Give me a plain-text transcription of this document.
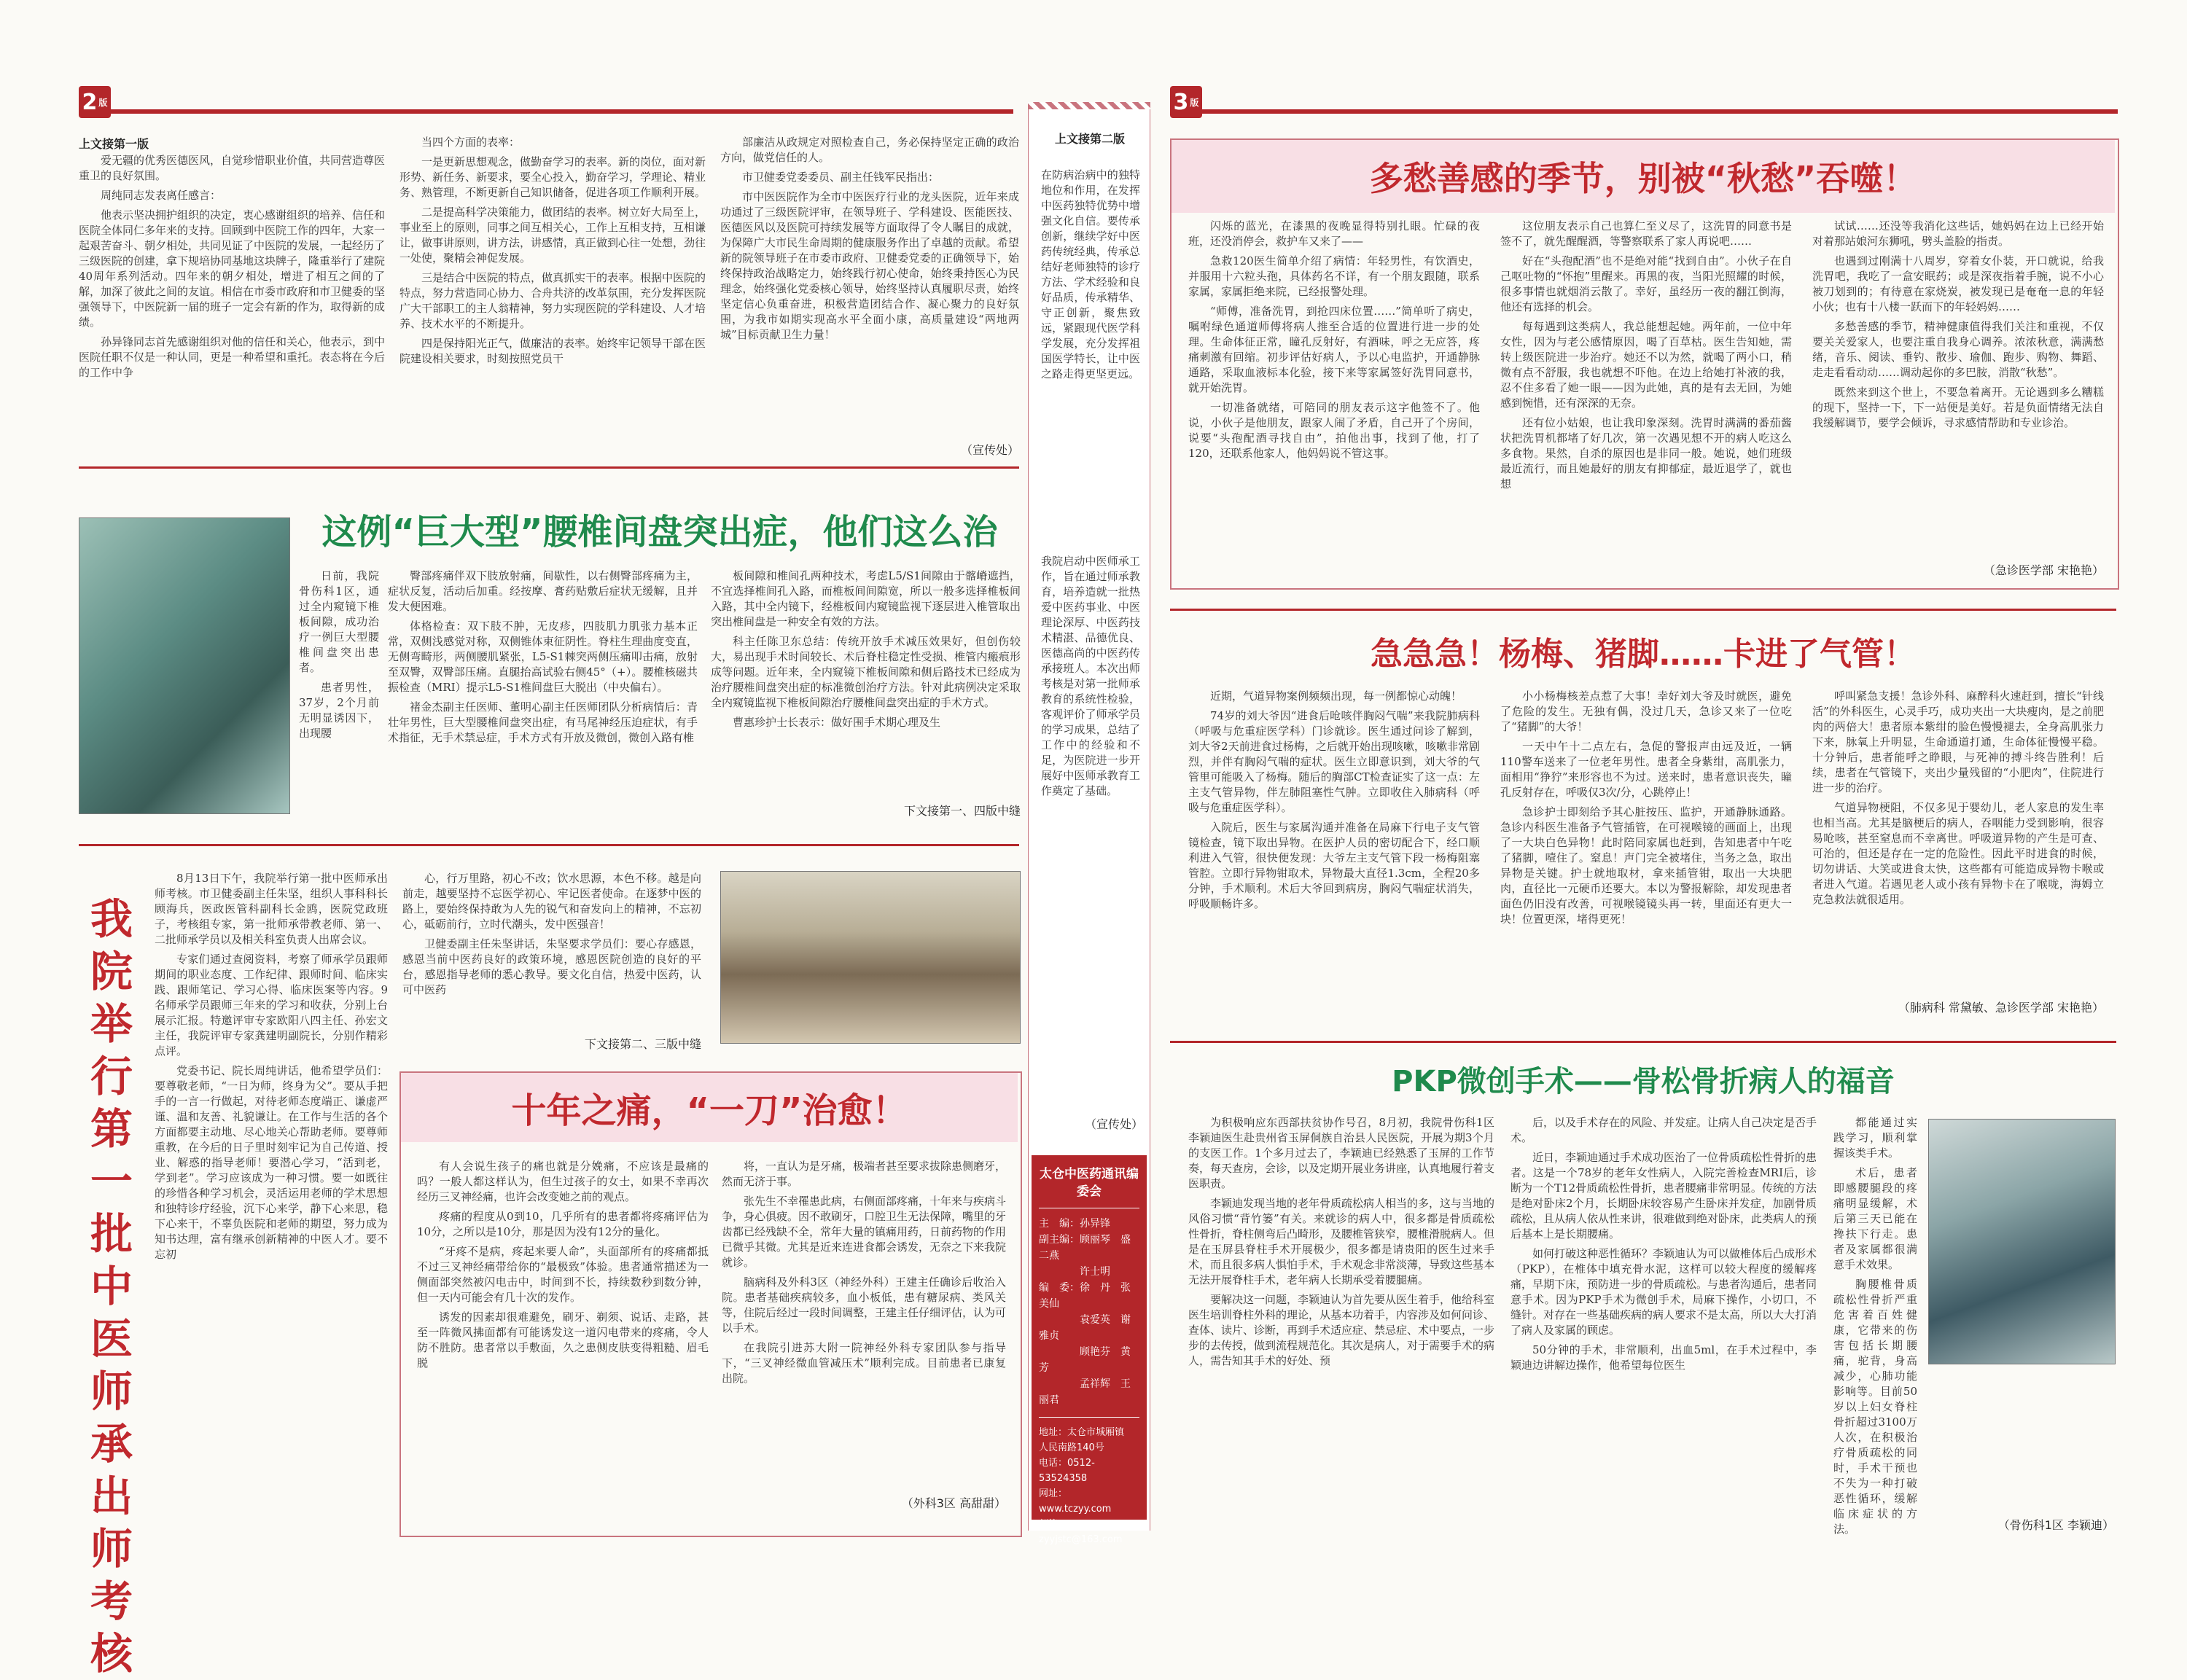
2 版
上文接第一版

爱无疆的优秀医德医风，自觉珍惜职业价值，共同营造尊医重卫的良好氛围。

周纯同志发表离任感言：

他表示坚决拥护组织的决定，衷心感谢组织的培养、信任和医院全体同仁多年来的支持。回顾到中医院工作的四年，大家一起艰苦奋斗、朝夕相处，共同见证了中医院的发展，一起经历了三级医院的创建，拿下规培协同基地这块牌子，隆重举行了建院40周年系列活动。四年来的朝夕相处，增进了相互之间的了解，加深了彼此之间的友谊。相信在市委市政府和市卫健委的坚强领导下，中医院新一届的班子一定会有新的作为，取得新的成绩。

孙异锋同志首先感谢组织对他的信任和关心，他表示，到中医院任职不仅是一种认同，更是一种希望和重托。表态将在今后的工作中争

当四个方面的表率：

一是更新思想观念，做勤奋学习的表率。新的岗位，面对新形势、新任务、新要求，要全心投入，勤奋学习，学理论、精业务、熟管理，不断更新自己知识储备，促进各项工作顺利开展。

二是提高科学决策能力，做团结的表率。树立好大局至上，事业至上的原则，同事之间互相关心，工作上互相支持，互相谦让，做事讲原则，讲方法，讲感情，真正做到心往一处想，劲往一处使，聚精会神促发展。

三是结合中医院的特点，做真抓实干的表率。根据中医院的特点，努力营造同心协力、合舟共济的改革氛围，充分发挥医院广大干部职工的主人翁精神，努力实现医院的学科建设、人才培养、技术水平的不断提升。

四是保持阳光正气，做廉洁的表率。始终牢记领导干部在医院建设相关要求，时刻按照党员干

部廉洁从政规定对照检查自己，务必保持坚定正确的政治方向，做党信任的人。

市卫健委党委委员、副主任钱军民指出：

市中医医院作为全市中医医疗行业的龙头医院，近年来成功通过了三级医院评审，在领导班子、学科建设、医能医技、医德医风以及医院可持续发展等方面取得了令人瞩目的成就，为保障广大市民生命周期的健康服务作出了卓越的贡献。希望新的院领导班子在市委市政府、卫健委党委的正确领导下，始终保持政治战略定力，始终践行初心使命，始终秉持医心为民理念，始终强化党委核心领导，始终坚持认真履职尽责，始终坚定信心负重奋进，积极营造团结合作、凝心聚力的良好氛围，为我市如期实现高水平全面小康，高质量建设“两地两城”目标贡献卫生力量！

（宣传处）
这例“巨大型”腰椎间盘突出症，他们这么治

日前，我院骨伤科1区，通过全内窥镜下椎板间隙，成功治疗一例巨大型腰椎间盘突出患者。

患者男性，37岁，2个月前无明显诱因下，出现腰

臀部疼痛伴双下肢放射痛，间歇性，以右侧臀部疼痛为主，症状反复，活动后加重。经按摩、膏药贴敷后症状无缓解，且并发大便困难。

体格检查：双下肢不肿，无皮疹，四肢肌力肌张力基本正常，双侧浅感觉对称，双侧锥体束征阴性。脊柱生理曲度变直，无侧弯畸形，两侧腰肌紧张，L5-S1棘突两侧压痛叩击痛，放射至双臀，双臀部压痛。直腿抬高试验右侧45°（+）。腰椎核磁共振检查（MRI）提示L5-S1椎间盘巨大脱出（中央偏右）。

褚金杰副主任医师、董明心副主任医师团队分析病情后：青壮年男性，巨大型腰椎间盘突出症，有马尾神经压迫症状，有手术指征，无手术禁忌症，手术方式有开放及微创，微创入路有椎

板间隙和椎间孔两种技术，考虑L5/S1间隙由于髂嵴遮挡，不宜选择椎间孔入路，而椎板间间隙宽，所以一般多选择椎板间入路，其中全内镜下，经椎板间内窥镜监视下逐层进入椎管取出突出椎间盘是一种安全有效的方法。

科主任陈卫东总结：传统开放手术减压效果好，但创伤较大，易出现手术时间较长、术后脊柱稳定性受损、椎管内瘢痕形成等问题。近年来，全内窥镜下椎板间隙和侧后路技术已经成为治疗腰椎间盘突出症的标准微创治疗方法。针对此病例决定采取全内窥镜监视下椎板间隙治疗腰椎间盘突出症的手术方式。

曹惠珍护士长表示：做好围手术期心理及生

下文接第一、四版中缝
我院举行第一批中医师承出师考核

8月13日下午，我院举行第一批中医师承出师考核。市卫健委副主任朱坚，组织人事科科长顾海兵，医政医管科副科长金鸥，医院党政班子，考核组专家，第一批师承带教老师、第一、二批师承学员以及相关科室负责人出席会议。

专家们通过查阅资料，考察了师承学员跟师期间的职业态度、工作纪律、跟师时间、临床实践、跟师笔记、学习心得、临床医案等内容。9名师承学员跟师三年来的学习和收获，分别上台展示汇报。特邀评审专家欧阳八四主任、孙宏文主任，我院评审专家龚建明副院长，分别作精彩点评。

党委书记、院长周纯讲话，他希望学员们：要尊敬老师，“一日为师，终身为父”。要从手把手的一言一行做起，对待老师态度端正、谦虚严谨、温和友善、礼貌谦让。在工作与生活的各个方面都要主动地、尽心地关心帮助老师。要尊师重教，在今后的日子里时刻牢记为自己传道、授业、解惑的指导老师！要潜心学习，“活到老，学到老”。学习应该成为一种习惯。要一如既往的珍惜各种学习机会，灵活运用老师的学术思想和独特诊疗经验，沉下心来学，静下心来思，稳下心来干，不辜负医院和老师的期望，努力成为知书达理，富有继承创新精神的中医人才。要不忘初

心，行万里路，初心不改；饮水思源，本色不移。越是向前走，越要坚持不忘医学初心、牢记医者使命。在逐梦中医的路上，要始终保持敢为人先的锐气和奋发向上的精神，不忘初心，砥砺前行，立时代潮头，发中医强音！

卫健委副主任朱坚讲话，朱坚要求学员们：要心存感恩，感恩当前中医药良好的政策环境，感恩医院创造的良好的平台，感恩指导老师的悉心教导。要文化自信，热爱中医药，认可中医药

下文接第二、三版中缝
十年之痛，“一刀”治愈！

有人会说生孩子的痛也就是分娩痛，不应该是最痛的吗？一般人都这样认为，但生过孩子的女士，如果不幸再次经历三叉神经痛，也许会改变她之前的观点。

疼痛的程度从0到10，几乎所有的患者都将疼痛评估为10分，之所以是10分，那是因为没有12分的量化。

“牙疼不是病，疼起来要人命”，头面部所有的疼痛都抵不过三叉神经痛带给你的“最极致”体验。患者通常描述为一侧面部突然被闪电击中，时间到不长，持续数秒到数分钟，但一天内可能会有几十次的发作。

诱发的因素却很难避免，刷牙、剃须、说话、走路，甚至一阵微风拂面都有可能诱发这一道闪电带来的疼痛，令人防不胜防。患者常以手敷面，久之患侧皮肤变得粗糙、眉毛脱

将，一直认为是牙痛，极端者甚至要求拔除患侧磨牙，然而无济于事。

张先生不幸罹患此病，右侧面部疼痛，十年来与疾病斗争，身心俱疲。因不敢刷牙，口腔卫生无法保障，嘴里的牙齿都已经残缺不全，常年大量的镇痛用药，日前药物的作用已微乎其微。尤其是近来连进食都会诱发，无奈之下来我院就诊。

脑病科及外科3区（神经外科）王建主任确诊后收治入院。患者基础疾病较多，血小板低，患有糖尿病、类风关等，住院后经过一段时间调整，王建主任仔细评估，认为可以手术。

在我院引进苏大附一院神经外科专家团队参与指导下，“三叉神经微血管减压术”顺利完成。目前患者已康复出院。

（外科3区 高甜甜）
上文接第二版
在防病治病中的独特地位和作用，在发挥中医药独特优势中增强文化自信。要传承创新，继续学好中医药传统经典，传承总结好老师独特的诊疗方法、学术经验和良好品质，传承精华、守正创新，聚焦致远，紧跟现代医学科学发展，充分发挥祖国医学特长，让中医之路走得更坚更远。
我院启动中医师承工作，旨在通过师承教育，培养造就一批热爱中医药事业、中医理论深厚、中医药技术精湛、品德优良、医德高尚的中医药传承接班人。本次出师考核是对第一批师承教育的系统性检验，客观评价了师承学员的学习成果，总结了工作中的经验和不足，为医院进一步开展好中医师承教育工作奠定了基础。
（宣传处）
太仓中医药通讯编委会
主　编：孙异锋
副主编：顾丽琴　盛二燕
　　　　许士明
编　委：徐　丹　张美仙
　　　　袁爱英　谢雅贞
　　　　顾艳芬　黄　芳
　　　　孟祥辉　王丽君
地址：太仓市城厢镇
人民南路140号
电话：0512-53524358
网址：www.tczyy.com
邮箱：zyyjstc@163.com
3 版
多愁善感的季节，别被“秋愁”吞噬！

闪烁的蓝光，在漆黑的夜晚显得特别扎眼。忙碌的夜班，还没消停会，救护车又来了——

急救120医生简单介绍了病情：年轻男性，有饮酒史，并服用十六粒头孢，具体药名不详，有一个朋友跟随，联系家属，家属拒绝来院，已经报警处理。

“师傅，准备洗胃，到抢四床位置……”简单听了病史，嘱咐绿色通道师傅将病人推至合适的位置进行进一步的处理。生命体征正常，瞳孔反射好，有酒味，呼之无应答，疼痛刺激有回缩。初步评估好病人，予以心电监护，开通静脉通路，采取血液标本化验，接下来等家属签好洗胃同意书，就开始洗胃。

一切准备就绪，可陪同的朋友表示这字他签不了。他说，小伙子是他朋友，跟家人闹了矛盾，自己开了个房间，说要“头孢配酒寻找自由”，拍他出事，找到了他，打了120，还联系他家人，他妈妈说不管这事。

这位朋友表示自己也算仁至义尽了，这洗胃的同意书是签不了，就先醒醒酒，等警察联系了家人再说吧……

好在“头孢配酒”也不是绝对能“找到自由”。小伙子在自己呕吐物的“怀抱”里醒来。再黑的夜，当阳光照耀的时候，很多事情也就烟消云散了。幸好，虽经历一夜的翻江倒海，他还有选择的机会。

每每遇到这类病人，我总能想起她。两年前，一位中年女性，因为与老公感情原因，喝了百草枯。医生告知她，需转上级医院进一步治疗。她还不以为然，就喝了两小口，稍微有点不舒服，我也就想不吓他。在边上给她打补液的我，忍不住多看了她一眼——因为此她，真的是有去无回，为她感到惋惜，还有深深的无奈。

还有位小姑娘，也让我印象深刻。洗胃时满满的番茄酱状把洗胃机都堵了好几次，第一次遇见想不开的病人吃这么多食物。果然，自杀的原因也是非同一般。她说，她们班级最近流行，而且她最好的朋友有抑郁症，最近退学了，就也想

试试……还没等我消化这些话，她妈妈在边上已经开始对着那站娘河东狮吼，劈头盖脸的指责。

也遇到过刚满十八周岁，穿着女仆装，开口就说，给我洗胃吧，我吃了一盒安眠药；或是深夜指着手腕，说不小心被刀划到的；有待意在家烧炭，被发现已是奄奄一息的年轻小伙；也有十八楼一跃而下的年轻妈妈……

多愁善感的季节，精神健康值得我们关注和重视，不仅要关关爱家人，也要注重自我身心调养。浓浓秋意，满满愁绪，音乐、阅读、垂钓、散步、瑜伽、跑步、购物、舞蹈、走走看看动动……调动起你的多巴胺，消散“秋愁”。

既然来到这个世上，不要急着离开。无论遇到多么糟糕的现下，坚持一下，下一站便是美好。若是负面情绪无法自我缓解调节，要学会倾诉，寻求感情帮助和专业诊治。

（急诊医学部 宋艳艳）
急急急！杨梅、猪脚……卡进了气管！

近期，气道异物案例频频出现，每一例都惊心动魄！

74岁的刘大爷因“进食后呛咳伴胸闷气喘”来我院肺病科（呼吸与危重症医学科）门诊就诊。医生通过问诊了解到，刘大爷2天前进食过杨梅，之后就开始出现咳嗽，咳嗽非常剧烈，并伴有胸闷气喘的症状。医生立即意识到，刘大爷的气管里可能吸入了杨梅。随后的胸部CT检查证实了这一点：左主支气管异物，伴左肺阻塞性气肿。立即收住入肺病科（呼吸与危重症医学科）。

入院后，医生与家属沟通并准备在局麻下行电子支气管镜检查，镜下取出异物。在医护人员的密切配合下，经口顺利进入气管，很快便发现：大爷左主支气管下段一杨梅阻塞管腔。立即行异物钳取术，异物最大直径1.3cm，全程20多分钟，手术顺利。术后大爷回到病房，胸闷气喘症状消失，呼吸顺畅许多。

小小杨梅核差点惹了大事！幸好刘大爷及时就医，避免了危险的发生。无独有偶，没过几天，急诊又来了一位吃了“猪脚”的大爷！

一天中午十二点左右，急促的警报声由远及近，一辆110警车送来了一位老年男性。患者全身紫绀，高肌张力，面相用“狰狞”来形容也不为过。送来时，患者意识丧失，瞳孔反射存在，呼吸仅3次/分，心跳停止！

急诊护士即刻给予其心脏按压、监护，开通静脉通路。急诊内科医生准备予气管插管，在可视喉镜的画面上，出现了一大块白色异物！此时陪同家属也赶到，告知患者中午吃了猪脚，噎住了。窒息！声门完全被堵住，当务之急，取出异物是关键。护士就地取材，拿来插管钳，取出一大块肥肉，直径比一元硬币还要大。本以为警报解除，却发现患者面色仍旧没有改善，可视喉镜镜头再一转，里面还有更大一块！位置更深，堵得更死！

呼叫紧急支援！急诊外科、麻醉科火速赶到，擅长“针线活”的外科医生，心灵手巧，成功夹出一大块瘦肉，是之前肥肉的两倍大！患者原本紫绀的脸色慢慢褪去，全身高肌张力下来，脉氧上升明显，生命通道打通，生命体征慢慢平稳。十分钟后，患者能呼之睁眼，与死神的搏斗终告胜利！后续，患者在气管镜下，夹出少量残留的“小肥肉”，住院进行进一步的治疗。

气道异物梗阻，不仅多见于婴幼儿，老人家息的发生率也相当高。尤其是脑梗后的病人，吞咽能力受到影响，很容易呛咳，甚至窒息而不幸离世。呼吸道异物的产生是可查、可治的，但还是存在一定的危险性。因此平时进食的时候，切勿讲话、大笑或进食太快，这些都有可能造成异物卡喉或者进入气道。若遇见老人或小孩有异物卡在了喉咙，海姆立克急救法就很适用。

（肺病科 常黛敏、急诊医学部 宋艳艳）
PKP微创手术——骨松骨折病人的福音

为积极响应东西部扶贫协作号召，8月初，我院骨伤科1区李颖迪医生赴贵州省玉屏侗族自治县人民医院，开展为期3个月的支医工作。1个多月过去了，李颖迪已经熟悉了玉屏的工作节奏，每天查房，会诊，以及定期开展业务讲座，认真地履行着支医职责。

李颖迪发现当地的老年骨质疏松病人相当的多，这与当地的风俗习惯“背竹篓”有关。来就诊的病人中，很多都是骨质疏松性骨折，脊柱侧弯后凸畸形，及腰椎管狭窄，腰椎滑脱病人。但是在玉屏县脊柱手术开展极少，很多都是请贵阳的医生过来手术，而且很多病人惧怕手术，手术观念非常淡薄，导致这些基本无法开展脊柱手术，老年病人长期承受着腰腿痛。

要解决这一问题，李颖迪认为首先要从医生着手，他给科室医生培训脊柱外科的理论，从基本功着手，内容涉及如何问诊、查体、读片、诊断，再到手术适应症、禁忌症、术中要点，一步步的去传授，做到流程规范化。其次是病人，对于需要手术的病人，需告知其手术的好处、预

后，以及手术存在的风险、并发症。让病人自己决定是否手术。

近日，李颖迪通过手术成功医治了一位骨质疏松性骨折的患者。这是一个78岁的老年女性病人，入院完善检查MRI后，诊断为一个T12骨质疏松性骨折，患者腰痛非常明显。传统的方法是绝对卧床2个月，长期卧床较容易产生卧床并发症，加剧骨质疏松，且从病人依从性来讲，很难做到绝对卧床，此类病人的预后基本上是长期腰痛。

如何打破这种恶性循环？李颖迪认为可以做椎体后凸成形术（PKP），在椎体中填充骨水泥，这样可以较大程度的缓解疼痛，早期下床，预防进一步的骨质疏松。与患者沟通后，患者同意手术。因为PKP手术为微创手术，局麻下操作，小切口，不缝针。对存在一些基础疾病的病人要求不是太高，所以大大打消了病人及家属的顾虑。

50分钟的手术，非常顺利，出血5ml，在手术过程中，李颖迪边讲解边操作，他希望每位医生

都能通过实践学习，顺利掌握该类手术。

术后，患者即感腰腿段的疼痛明显缓解，术后第三天已能在搀扶下行走。患者及家属都很满意手术效果。

胸腰椎骨质疏松性骨折严重危害着百姓健康，它带来的伤害包括长期腰痛，驼背，身高减少，心肺功能影响等。目前50岁以上妇女脊柱骨折超过3100万人次，在积极治疗骨质疏松的同时，手术干预也不失为一种打破恶性循环，缓解临床症状的方法。	（骨伤科1区 李颖迪）
